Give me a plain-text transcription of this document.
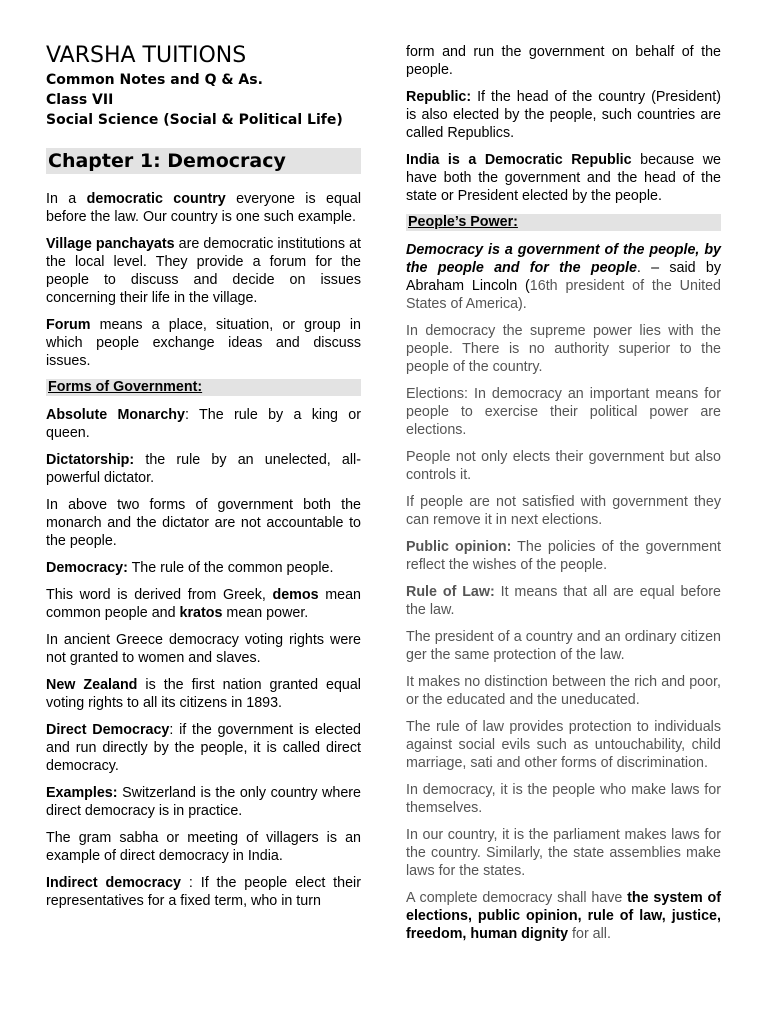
VARSHA TUITIONS
Common Notes and Q & As.
Class VII
Social Science (Social & Political Life)
Chapter 1: Democracy

In a democratic country everyone is equal before the law. Our country is one such example.

Village panchayats are democratic institutions at the local level. They provide a forum for the people to discuss and decide on issues concerning their life in the village.

Forum means a place, situation, or group in which people exchange ideas and discuss issues.

Forms of Government:

Absolute Monarchy: The rule by a king or queen.

Dictatorship: the rule by an unelected, all-powerful dictator.

In above two forms of government both the monarch and the dictator are not accountable to the people.

Democracy: The rule of the common people.

This word is derived from Greek, demos mean common people and kratos mean power.

In ancient Greece democracy voting rights were not granted to women and slaves.

New Zealand is the first nation granted equal voting rights to all its citizens in 1893.

Direct Democracy: if the government is elected and run directly by the people, it is called direct democracy.

Examples: Switzerland is the only country where direct democracy is in practice.

The gram sabha or meeting of villagers is an example of direct democracy in India.

Indirect democracy : If the people elect their representatives for a fixed term, who in turn

form and run the government on behalf of the people.

Republic: If the head of the country (President) is also elected by the people, such countries are called Republics.

India is a Democratic Republic because we have both the government and the head of the state or President elected by the people.

People’s Power:

Democracy is a government of the people, by the people and for the people. – said by Abraham Lincoln (16th president of the United States of America).

In democracy the supreme power lies with the people. There is no authority superior to the people of the country.

Elections: In democracy an important means for people to exercise their political power are elections.

People not only elects their government but also controls it.

If people are not satisfied with government they can remove it in next elections.

Public opinion: The policies of the government reflect the wishes of the people.

Rule of Law: It means that all are equal before the law.

The president of a country and an ordinary citizen ger the same protection of the law.

It makes no distinction between the rich and poor, or the educated and the uneducated.

The rule of law provides protection to individuals against social evils such as untouchability, child marriage, sati and other forms of discrimination.

In democracy, it is the people who make laws for themselves.

In our country, it is the parliament makes laws for the country. Similarly, the state assemblies make laws for the states.

A complete democracy shall have the system of elections, public opinion, rule of law, justice, freedom, human dignity for all.
